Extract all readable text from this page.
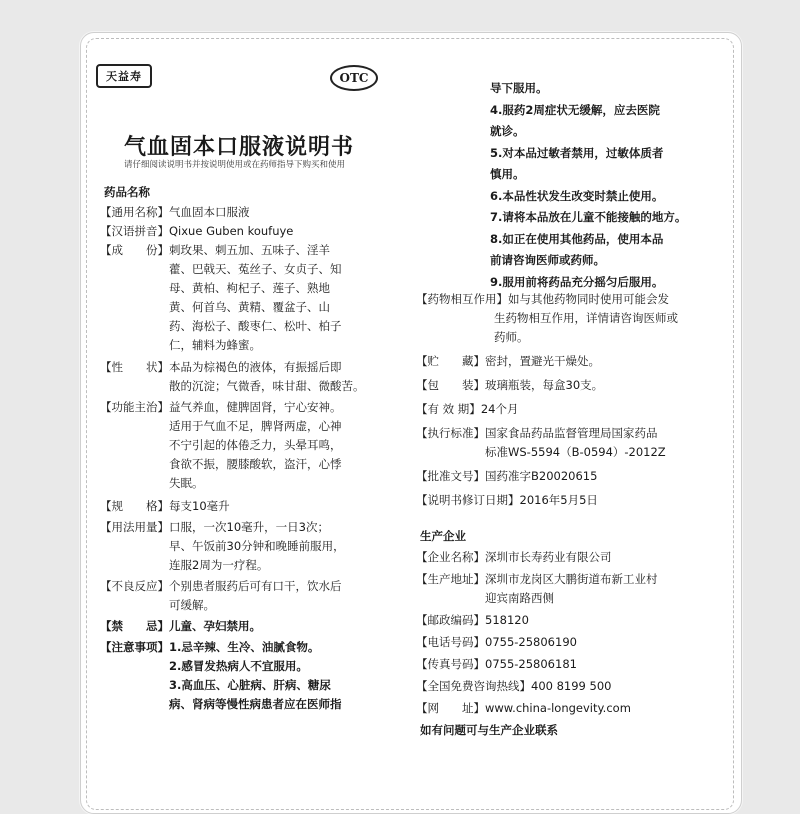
天益寿	OTC
气血固本口服液说明书
请仔细阅读说明书并按说明使用或在药师指导下购买和使用
药品名称
【通用名称】 气血固本口服液
【汉语拼音】 Qixue Guben koufuye
【成　　份】 刺玫果、刺五加、五味子、淫羊
藿、巴戟天、菟丝子、女贞子、知
母、黄柏、枸杞子、莲子、熟地
黄、何首乌、黄精、覆盆子、山
药、海松子、酸枣仁、松叶、柏子
仁，辅料为蜂蜜。
【性　　状】 本品为棕褐色的液体，有振摇后即
散的沉淀；气微香，味甘甜、微酸苦。
【功能主治】 益气养血，健脾固肾，宁心安神。
适用于气血不足，脾肾两虚，心神
不宁引起的体倦乏力，头晕耳鸣，
食欲不振，腰膝酸软，盗汗，心悸
失眠。
【规　　格】 每支10毫升
【用法用量】 口服，一次10毫升，一日3次；
早、午饭前30分钟和晚睡前服用，
连服2周为一疗程。
【不良反应】 个别患者服药后可有口干，饮水后
可缓解。
【禁　　忌】 儿童、孕妇禁用。
【注意事项】 1.忌辛辣、生冷、油腻食物。
2.感冒发热病人不宜服用。
3.高血压、心脏病、肝病、糖尿
病、肾病等慢性病患者应在医师指
导下服用。
4.服药2周症状无缓解，应去医院
就诊。
5.对本品过敏者禁用，过敏体质者
慎用。
6.本品性状发生改变时禁止使用。
7.请将本品放在儿童不能接触的地方。
8.如正在使用其他药品，使用本品
前请咨询医师或药师。
9.服用前将药品充分摇匀后服用。
【药物相互作用】 如与其他药物同时使用可能会发
生药物相互作用，详情请咨询医师或
药师。
【贮　　藏】 密封，置避光干燥处。
【包　　装】 玻璃瓶装，每盒30支。
【有 效 期】 24个月
【执行标准】 国家食品药品监督管理局国家药品
标准WS-5594（B-0594）-2012Z
【批准文号】 国药准字B20020615
【说明书修订日期】 2016年5月5日
生产企业
【企业名称】 深圳市长寿药业有限公司
【生产地址】 深圳市龙岗区大鹏街道布新工业村
迎宾南路西侧
【邮政编码】 518120
【电话号码】 0755-25806190
【传真号码】 0755-25806181
【全国免费咨询热线】 400 8199 500
【网　　址】 www.china-longevity.com
如有问题可与生产企业联系
